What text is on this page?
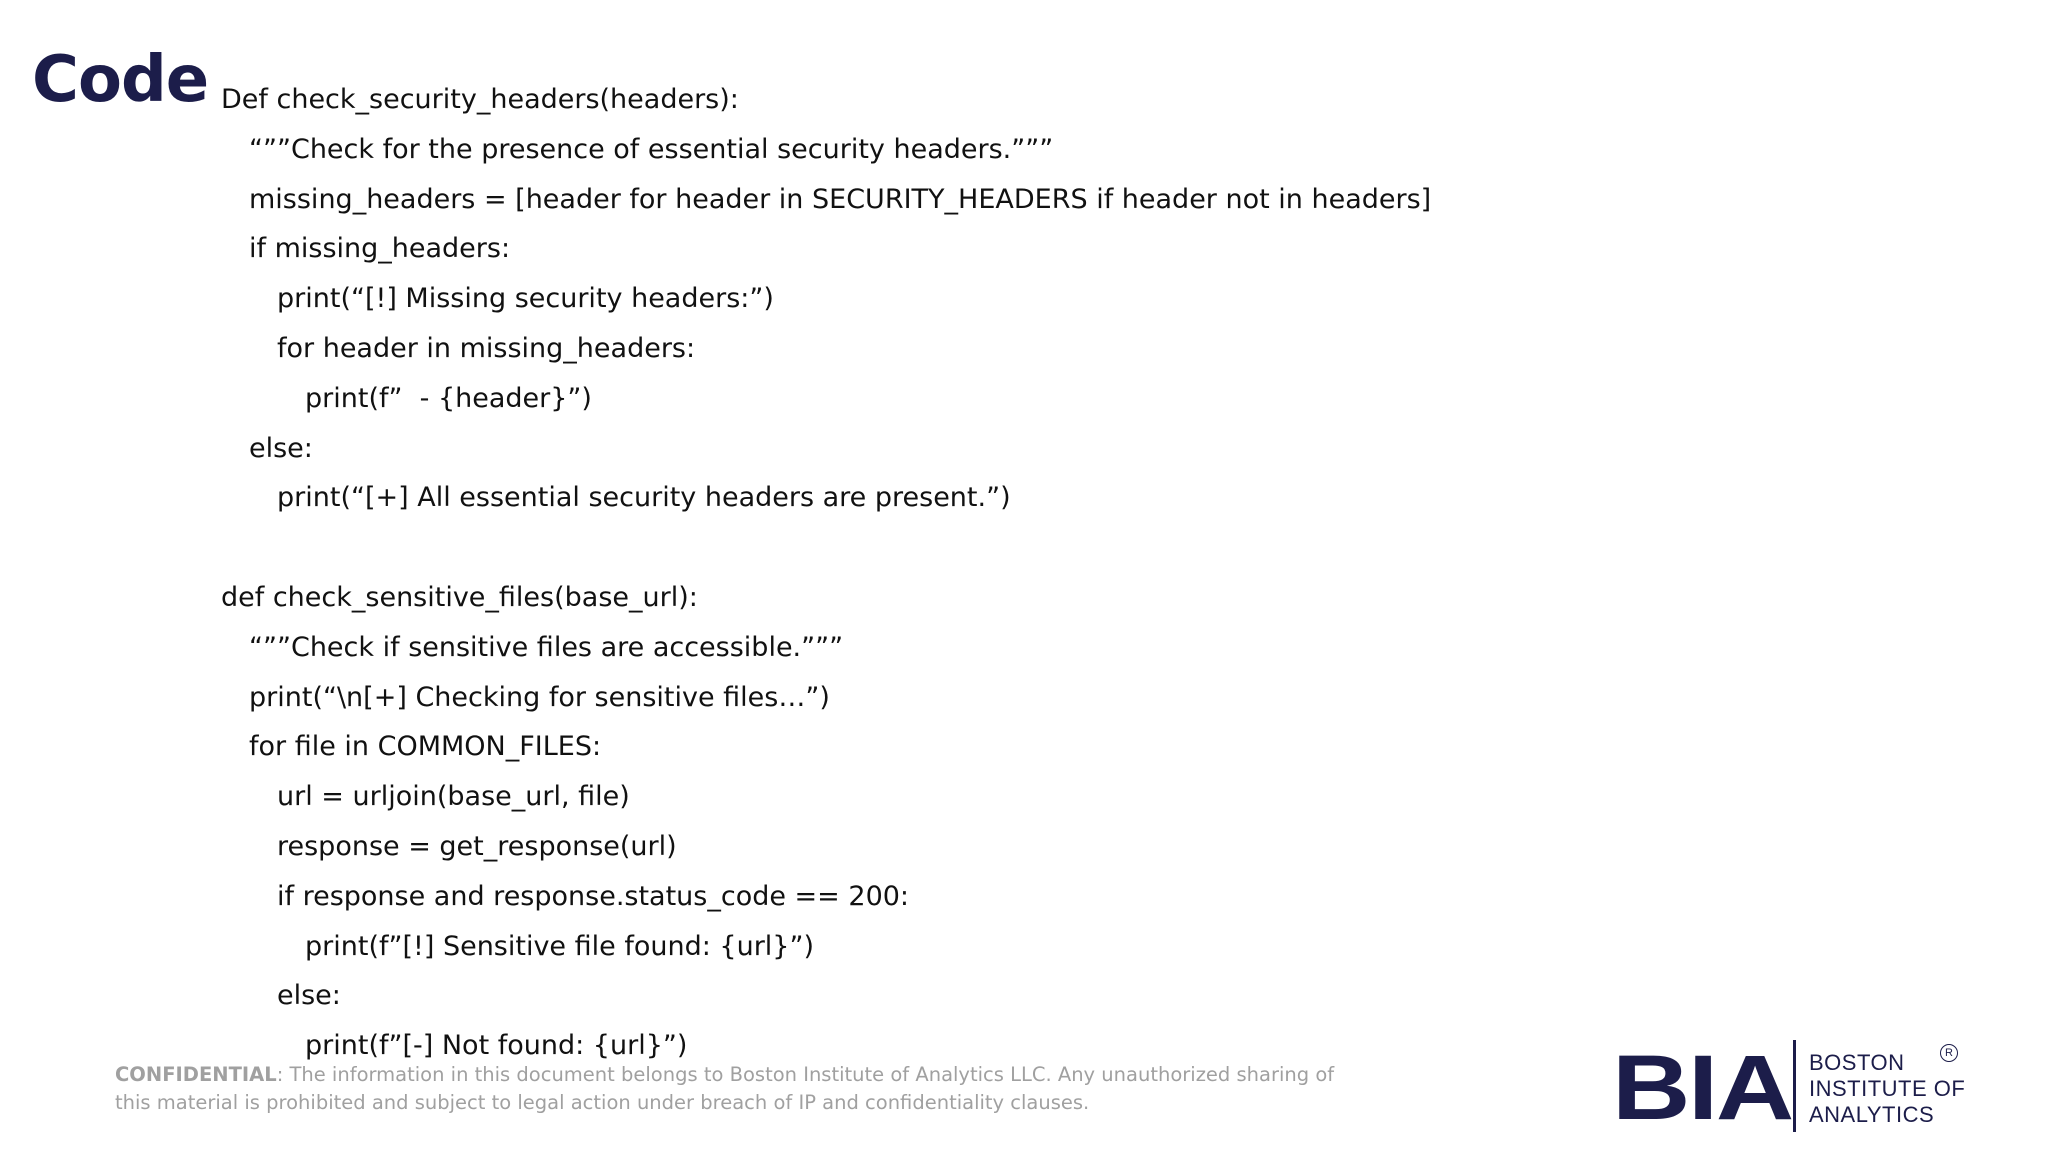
Code Def check_security_headers(headers):
“””Check for the presence of essential security headers.”””
missing_headers = [header for header in SECURITY_HEADERS if header not in headers]
if missing_headers:
print(“[!] Missing security headers:”)
for header in missing_headers:
print(f”  - {header}”)
else:
print(“[+] All essential security headers are present.”)
def check_sensitive_files(base_url):
“””Check if sensitive files are accessible.”””
print(“\n[+] Checking for sensitive files…”)
for file in COMMON_FILES:
url = urljoin(base_url, file)
response = get_response(url)
if response and response.status_code == 200:
print(f”[!] Sensitive file found: {url}”)
else:
print(f”[-] Not found: {url}”)
CONFIDENTIAL: The information in this document belongs to Boston Institute of Analytics LLC. Any unauthorized sharing of this material is prohibited and subject to legal action under breach of IP and confidentiality clauses.	BIA BOSTON
INSTITUTE OF
ANALYTICS
R
